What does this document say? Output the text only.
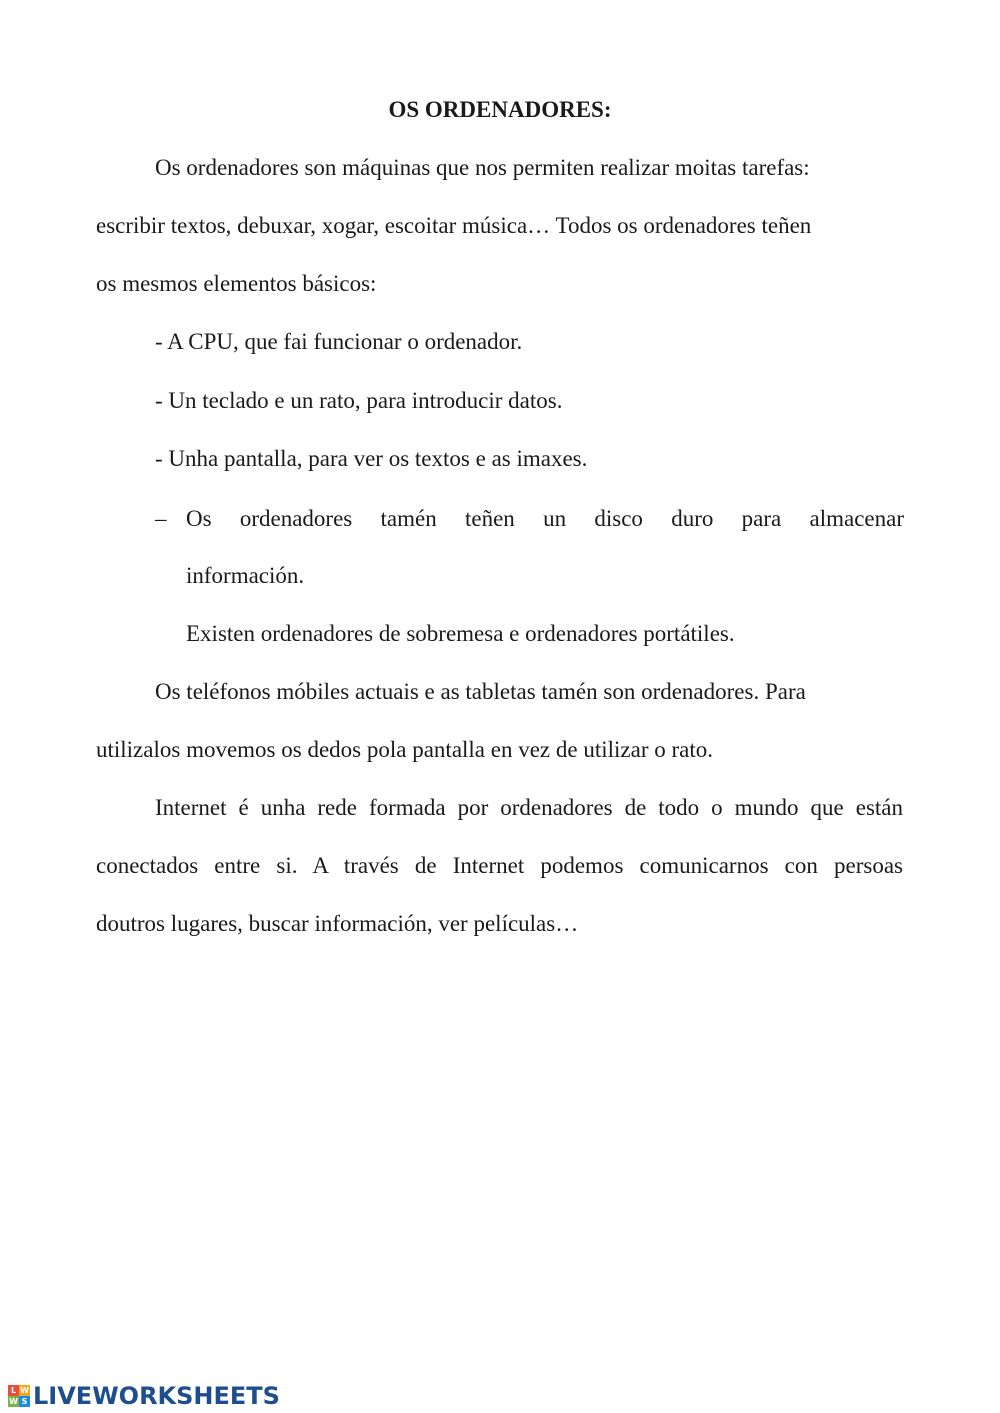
OS ORDENADORES:
Os ordenadores son máquinas que nos permiten realizar moitas tarefas:
escribir textos, debuxar, xogar, escoitar música… Todos os ordenadores teñen
os mesmos elementos básicos:
- A CPU, que fai funcionar o ordenador.
- Un teclado e un rato, para introducir datos.
- Unha pantalla, para ver os textos e as imaxes.
– Os ordenadores tamén teñen un disco duro para almacenar
información.
Existen ordenadores de sobremesa e ordenadores portátiles.
Os teléfonos móbiles actuais e as tabletas tamén son ordenadores. Para
utilizalos movemos os dedos pola pantalla en vez de utilizar o rato.
Internet é unha rede formada por ordenadores de todo o mundo que están
conectados entre si. A través de Internet podemos comunicarnos con persoas
doutros lugares, buscar información, ver películas…
L W
W S LIVEWORKSHEETS
